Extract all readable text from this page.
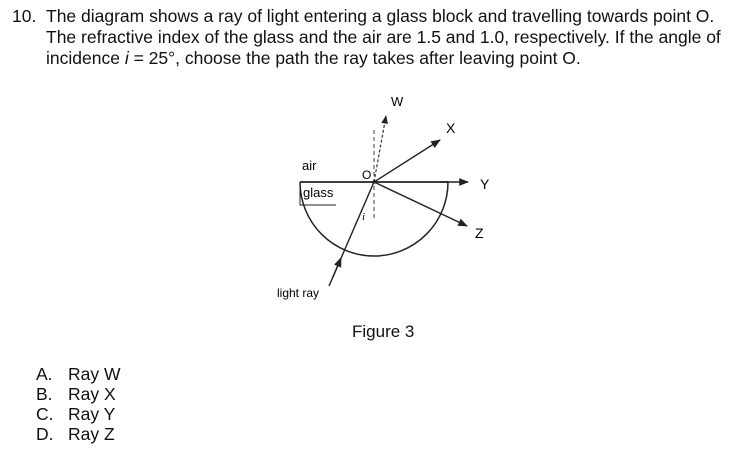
10. The diagram shows a ray of light entering a glass block and travelling towards point O.
The refractive index of the glass and the air are 1.5 and 1.0, respectively. If the angle of
incidence i = 25°, choose the path the ray takes after leaving point O.
W
X
Y
Z
O
i
air
glass
light ray
Figure 3
A. Ray W
B. Ray X
C. Ray Y
D. Ray Z
